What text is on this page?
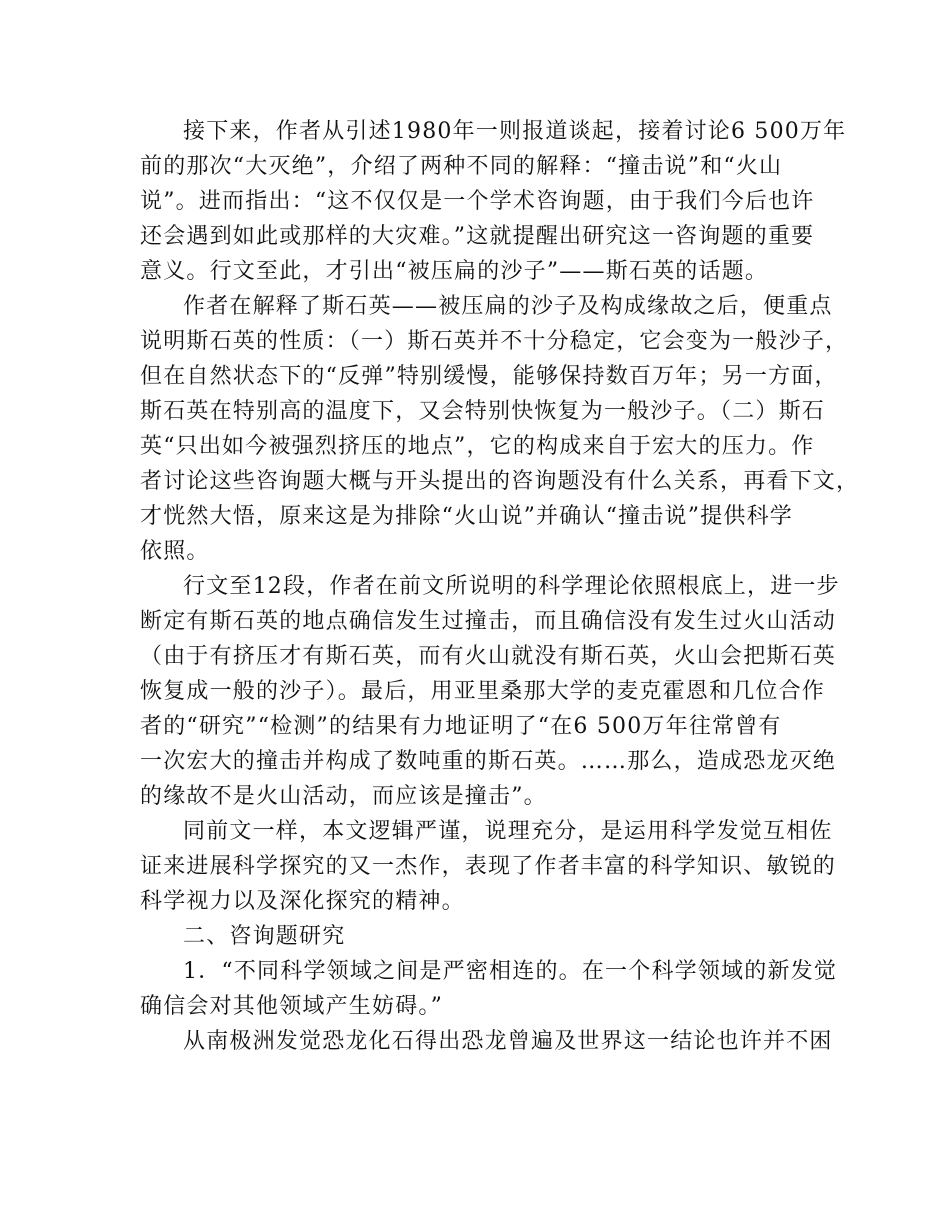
接下来，作者从引述1980年一则报道谈起，接着讨论6 500万年
前的那次“大灭绝”，介绍了两种不同的解释：“撞击说”和“火山
说”。进而指出：“这不仅仅是一个学术咨询题，由于我们今后也许
还会遇到如此或那样的大灾难。”这就提醒出研究这一咨询题的重要
意义。行文至此，才引出“被压扁的沙子”——斯石英的话题。
作者在解释了斯石英——被压扁的沙子及构成缘故之后，便重点
说明斯石英的性质：（一）斯石英并不十分稳定，它会变为一般沙子，
但在自然状态下的“反弹”特别缓慢，能够保持数百万年；另一方面，
斯石英在特别高的温度下，又会特别快恢复为一般沙子。（二）斯石
英“只出如今被强烈挤压的地点”，它的构成来自于宏大的压力。作
者讨论这些咨询题大概与开头提出的咨询题没有什么关系，再看下文，
才恍然大悟，原来这是为排除“火山说”并确认“撞击说”提供科学
依照。
行文至12段，作者在前文所说明的科学理论依照根底上，进一步
断定有斯石英的地点确信发生过撞击，而且确信没有发生过火山活动
（由于有挤压才有斯石英，而有火山就没有斯石英，火山会把斯石英
恢复成一般的沙子）。最后，用亚里桑那大学的麦克霍恩和几位合作
者的“研究”“检测”的结果有力地证明了“在6 500万年往常曾有
一次宏大的撞击并构成了数吨重的斯石英。……那么，造成恐龙灭绝
的缘故不是火山活动，而应该是撞击”。
同前文一样，本文逻辑严谨，说理充分，是运用科学发觉互相佐
证来进展科学探究的又一杰作，表现了作者丰富的科学知识、敏锐的
科学视力以及深化探究的精神。
二、咨询题研究
1．“不同科学领域之间是严密相连的。在一个科学领域的新发觉
确信会对其他领域产生妨碍。”
从南极洲发觉恐龙化石得出恐龙曾遍及世界这一结论也许并不困
